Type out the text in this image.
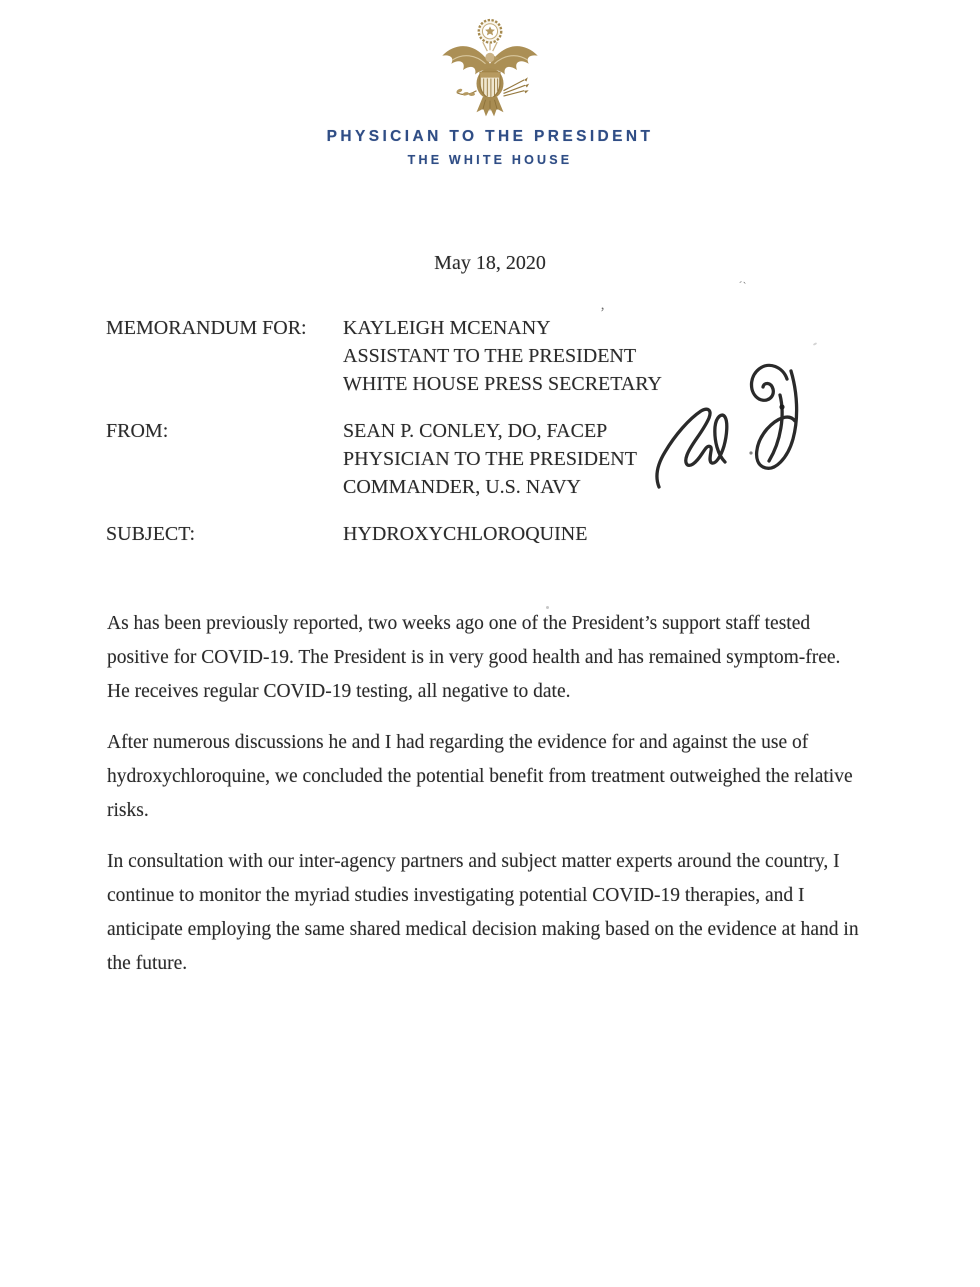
PHYSICIAN TO THE PRESIDENT
THE WHITE HOUSE
May 18, 2020
MEMORANDUM FOR:	KAYLEIGH MCENANY
ASSISTANT TO THE PRESIDENT
WHITE HOUSE PRESS SECRETARY
FROM:	SEAN P. CONLEY, DO, FACEP
PHYSICIAN TO THE PRESIDENT
COMMANDER, U.S. NAVY
SUBJECT:	HYDROXYCHLOROQUINE
As has been previously reported, two weeks ago one of the President’s support staff tested
positive for COVID-19. The President is in very good health and has remained symptom-free.
He receives regular COVID-19 testing, all negative to date.
After numerous discussions he and I had regarding the evidence for and against the use of
hydroxychloroquine, we concluded the potential benefit from treatment outweighed the relative
risks.
In consultation with our inter-agency partners and subject matter experts around the country, I
continue to monitor the myriad studies investigating potential COVID-19 therapies, and I
anticipate employing the same shared medical decision making based on the evidence at hand in
the future.
’
ˊˋ
